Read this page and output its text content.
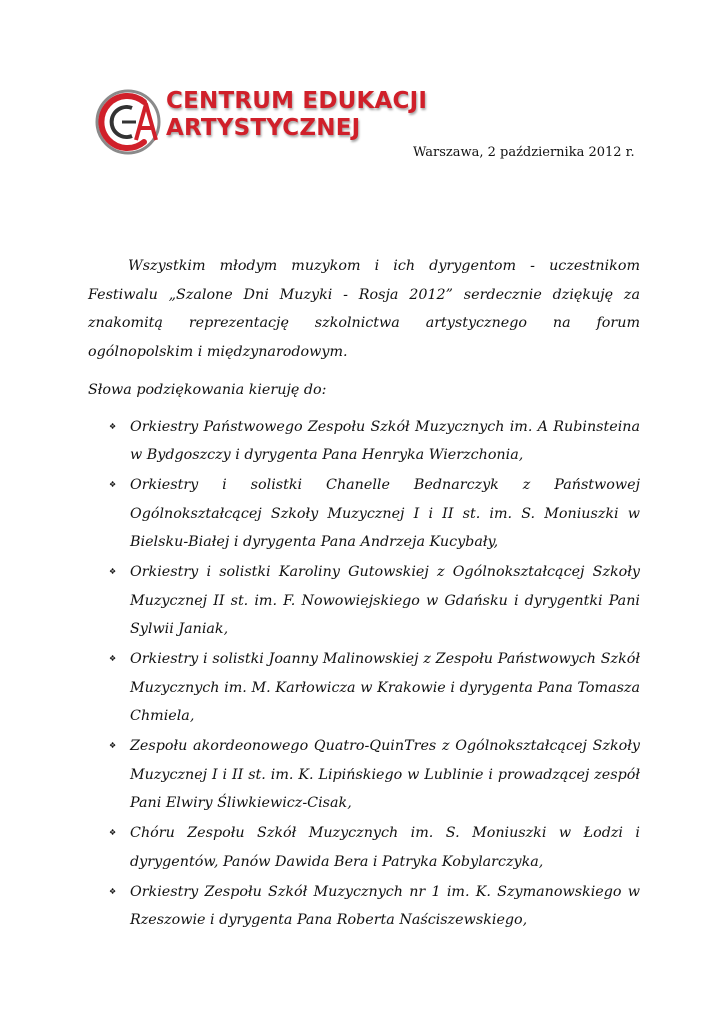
CENTRUM EDUKACJI
ARTYSTYCZNEJ
Warszawa, 2 października 2012 r.

Wszystkim młodym muzykom i ich dyrygentom - uczestnikom Festiwalu „Szalone Dni Muzyki - Rosja 2012” serdecznie dziękuję za znakomitą reprezentację szkolnictwa artystycznego na forum ogólnopolskim i międzynarodowym.

Słowa podziękowania kieruję do:

❖ Orkiestry Państwowego Zespołu Szkół Muzycznych im. A Rubinsteina w Bydgoszczy i dyrygenta Pana Henryka Wierzchonia,
❖ Orkiestry i solistki Chanelle Bednarczyk z Państwowej Ogólnokształcącej Szkoły Muzycznej I i II st. im. S. Moniuszki w Bielsku-Białej i dyrygenta Pana Andrzeja Kucybały,
❖ Orkiestry i solistki Karoliny Gutowskiej z Ogólnokształcącej Szkoły Muzycznej II st. im. F. Nowowiejskiego w Gdańsku i dyrygentki Pani Sylwii Janiak,
❖ Orkiestry i solistki Joanny Malinowskiej z Zespołu Państwowych Szkół Muzycznych im. M. Karłowicza w Krakowie i dyrygenta Pana Tomasza Chmiela,
❖ Zespołu akordeonowego Quatro-QuinTres z Ogólnokształcącej Szkoły Muzycznej I i II st. im. K. Lipińskiego w Lublinie i prowadzącej zespół Pani Elwiry Śliwkiewicz-Cisak,
❖ Chóru Zespołu Szkół Muzycznych im. S. Moniuszki w Łodzi i dyrygentów, Panów Dawida Bera i Patryka Kobylarczyka,
❖ Orkiestry Zespołu Szkół Muzycznych nr 1 im. K. Szymanowskiego w Rzeszowie i dyrygenta Pana Roberta Naściszewskiego,
